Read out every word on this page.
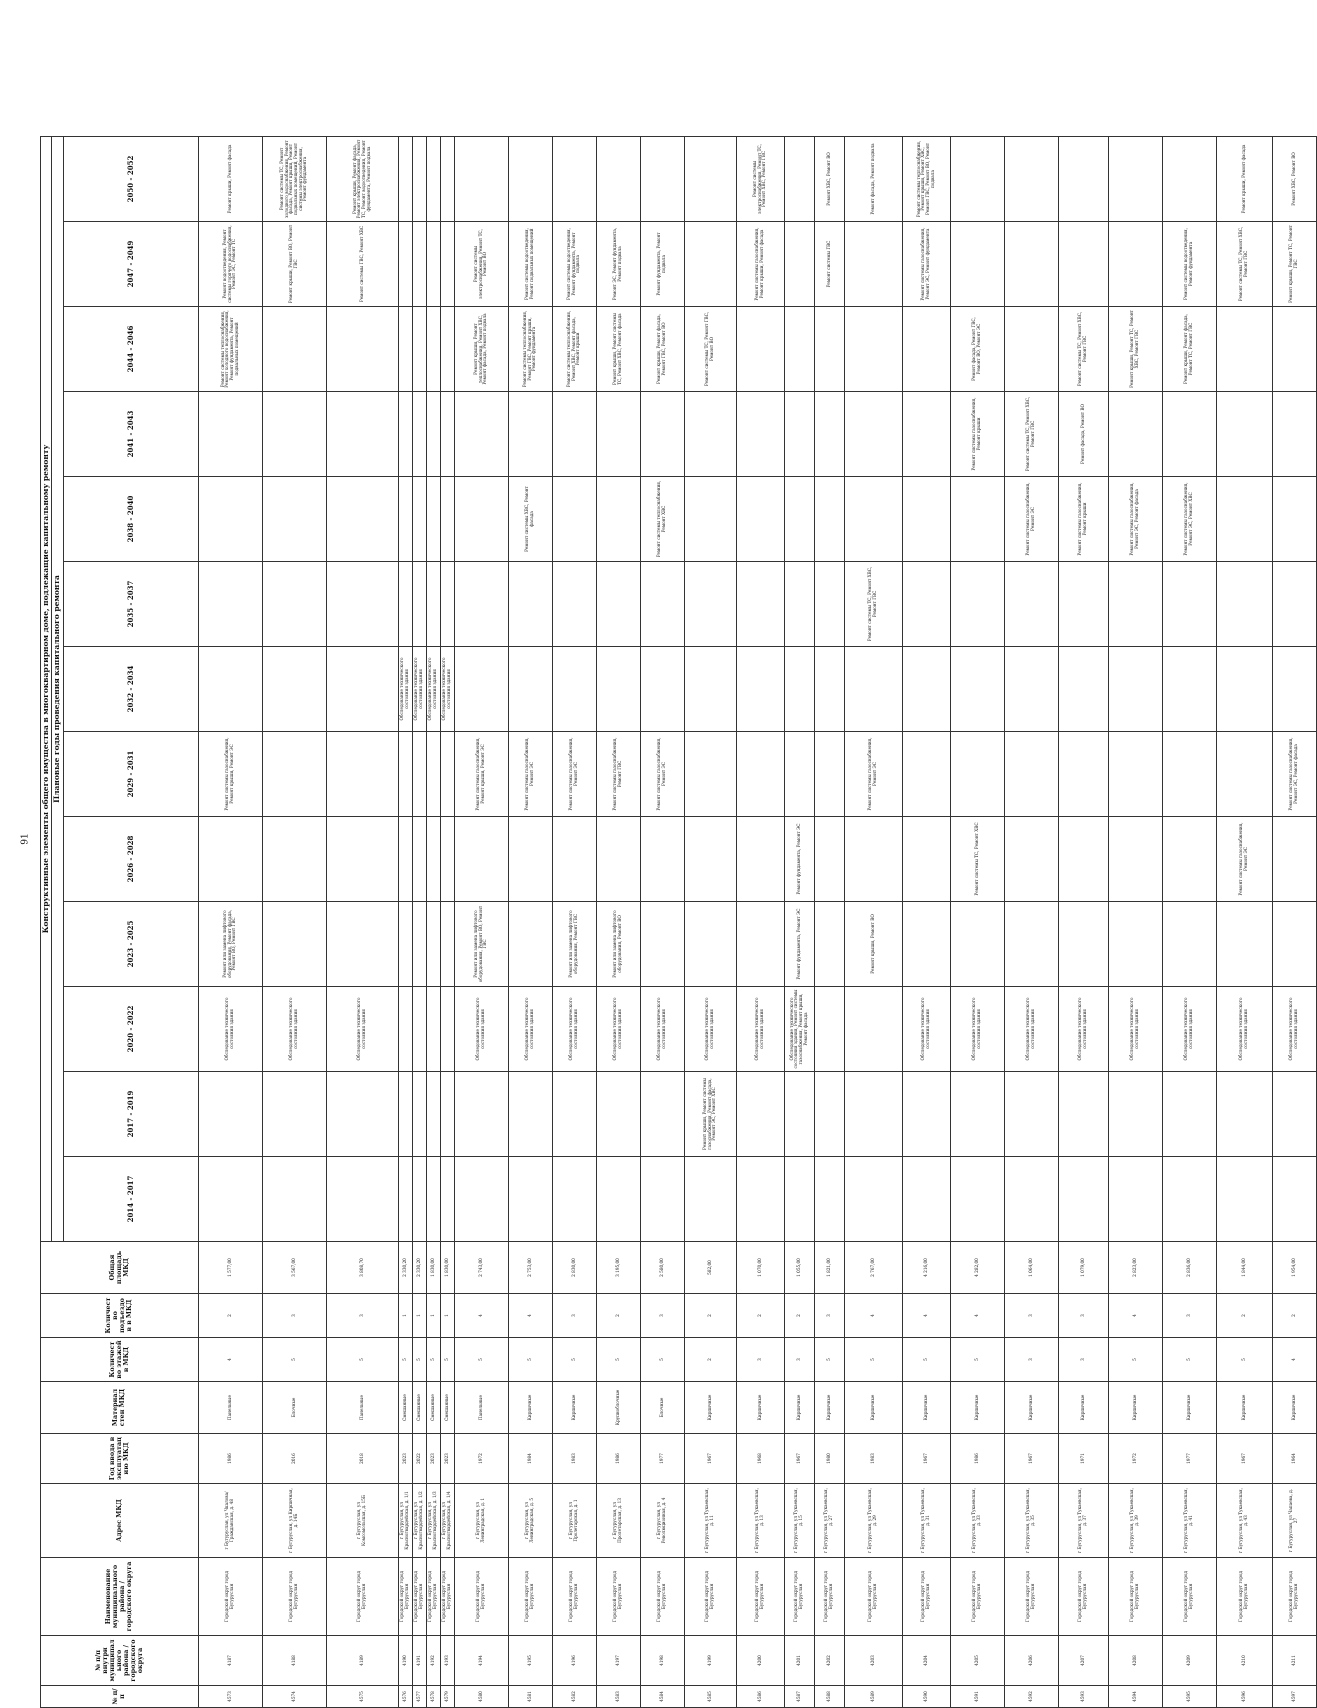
91
№ п/п	№ п/п внутри муниципального района / городского округа	Наименование муниципального района / городского округа	Адрес МКД	Год ввода в эксплуатацию МКД	Материал стен МКД	Количество этажей в МКД	Количество подъездов в МКД	Общая площадь МКД	Конструктивные элементы общего имущества в многоквартирном доме, подлежащие капитальному ремонту												
									Плановые годы проведения капитального ремонта												
									2014 - 2017	2017 - 2019	2020 - 2022	2023 - 2025	2026 - 2028	2029 - 2031	2032 - 2034	2035 - 2037	2038 - 2040	2041 - 2043	2044 - 2046	2047 - 2049	2050 - 2052
4573	4187	Городской округ город Бугуруслан	г Бугуруслан, ул Чкалова/Гражданская, д. 48	1986	Панельные	4	2	1 577,00			Обследование технического состояния здания	Ремонт или замена лифтового оборудования, Ремонт фасада, Ремонт ВО, Ремонт ГВС		Ремонт системы газоснабжения, Ремонт крыши, Ремонт ЭС					Ремонт системы теплоснабжения, Ремонт холодного водоснабжения, Ремонт фундамента, Ремонт подвальных помещений	Ремонт водоотведения, Ремонт системы горячего водоснабжения, Ремонт ЭС, Ремонт ТС	Ремонт крыши, Ремонт фасада
4574	4188	Городской округ город Бугуруслан	г Бугуруслан, ул Кирпичная, д. 14Б	2016	Блочные	5	3	3 567,00			Обследование технического состояния здания									Ремонт крыши, Ремонт ВО, Ремонт ГВС	Ремонт системы ТС, Ремонт холодного водоснабжения, Ремонт фасада, Ремонт крыши, Ремонт подвальных помещений, Ремонт системы электроснабжения, Ремонт фундамента
4575	4189	Городской округ город Бугуруслан	г Бугуруслан, ул Комсомольская, д. 15Б	2018	Панельные	5	3	3 808,70			Обследование технического состояния здания									Ремонт системы ГВС, Ремонт ХВС	Ремонт крыши, Ремонт фасада, Ремонт электроснабжения, Ремонт ТС, Ремонт водоотведения, Ремонт фундамента, Ремонт подвала
4576	4190	Городской округ город Бугуруслан	г Бугуруслан, ул Красногвардейская, д. 1/1	2023	Смешанные	5	1	2 330,20							Обследование технического состояния здания						
4577	4191	Городской округ город Бугуруслан	г Бугуруслан, ул Красногвардейская, д. 1/2	2022	Смешанные	5	1	2 330,20							Обследование технического состояния здания						
4578	4192	Городской округ город Бугуруслан	г Бугуруслан, ул Красногвардейская, д. 1/3	2023	Смешанные	5	1	1 830,00							Обследование технического состояния здания						
4579	4193	Городской округ город Бугуруслан	г Бугуруслан, ул Красногвардейская, д. 1/4	2023	Смешанные	5	1	1 830,00							Обследование технического состояния здания						
4580	4194	Городской округ город Бугуруслан	г Бугуруслан, ул Ленинградская, д. 1	1972	Панельные	5	4	2 743,00			Обследование технического состояния здания	Ремонт или замена лифтового оборудования, Ремонт ВО, Ремонт ГВС		Ремонт системы газоснабжения, Ремонт крыши, Ремонт ЭС					Ремонт крыши, Ремонт теплоснабжения, Ремонт ХВС, Ремонт фасада, Ремонт подвала	Ремонт системы электроснабжения, Ремонт ТС, Ремонт ВО	
4581	4195	Городской округ город Бугуруслан	г Бугуруслан, ул Ленинградская, д. 5	1984	Кирпичные	5	4	2 753,00			Обследование технического состояния здания			Ремонт системы газоснабжения, Ремонт ЭС			Ремонт системы ХВС, Ремонт фасада		Ремонт системы теплоснабжения, Ремонт ГВС, Ремонт крыши, Ремонт фундамента	Ремонт системы водоотведения, Ремонт подвальных помещений	
4582	4196	Городской округ город Бугуруслан	г Бугуруслан, ул Пролетарская, д. 1	1983	Кирпичные	5	3	2 830,00			Обследование технического состояния здания	Ремонт или замена лифтового оборудования, Ремонт ГВС		Ремонт системы газоснабжения, Ремонт ЭС					Ремонт системы теплоснабжения, Ремонт ХВС, Ремонт фасада, Ремонт крыши	Ремонт системы водоотведения, Ремонт фундамента, Ремонт подвала	
4583	4197	Городской округ город Бугуруслан	г Бугуруслан, ул Пролетарская, д. 13	1986	Крупноблочные	5	2	3 195,00			Обследование технического состояния здания	Ремонт или замена лифтового оборудования, Ремонт ВО		Ремонт системы газоснабжения, Ремонт ГВС					Ремонт крыши, Ремонт системы ТС, Ремонт ХВС, Ремонт фасада	Ремонт ЭС, Ремонт фундамента, Ремонт подвала	
4584	4198	Городской округ город Бугуруслан	г Бугуруслан, ул Революционная, д. 4	1977	Блочные	5	3	2 580,00			Обследование технического состояния здания			Ремонт системы газоснабжения, Ремонт ЭС			Ремонт системы теплоснабжения, Ремонт ХВС		Ремонт крыши, Ремонт фасада, Ремонт ГВС, Ремонт ВО	Ремонт фундамента, Ремонт подвала	
4585	4199	Городской округ город Бугуруслан	г Бугуруслан, ул Тукаевская, д. 11	1967	Кирпичные	2	2	582,00		Ремонт крыши, Ремонт системы газоснабжения, Ремонт фасада, Ремонт ЭС, Ремонт ХВС	Обследование технического состояния здания								Ремонт системы ТС, Ремонт ГВС, Ремонт ВО		
4586	4200	Городской округ город Бугуруслан	г Бугуруслан, ул Тукаевская, д. 13	1968	Кирпичные	3	2	1 070,00			Обследование технического состояния здания									Ремонт системы газоснабжения, Ремонт крыши, Ремонт фасада	Ремонт системы электроснабжения, Ремонт ТС, Ремонт ХВС, Ремонт ГВС
4587	4201	Городской округ город Бугуруслан	г Бугуруслан, ул Тукаевская, д. 15	1967	Кирпичные	3	2	1 055,00			Обследование технического состояния здания, Ремонт системы газоснабжения, Ремонт крыши, Ремонт фасада	Ремонт фундамента, Ремонт ЭС	Ремонт фундамента, Ремонт ЭС								
4588	4202	Городской округ город Бугуруслан	г Бугуруслан, ул Тукаевская, д. 27	1980	Кирпичные	5	3	1 821,00												Ремонт системы ГВС	Ремонт ХВС, Ремонт ВО
4589	4203	Городской округ город Бугуруслан	г Бугуруслан, ул Тукаевская, д. 29	1983	Кирпичные	5	4	2 767,00				Ремонт крыши, Ремонт ВО		Ремонт системы газоснабжения, Ремонт ЭС		Ремонт системы ТС, Ремонт ХВС, Ремонт ГВС					Ремонт фасада, Ремонт подвала
4590	4204	Городской округ город Бугуруслан	г Бугуруслан, ул Тукаевская, д. 31	1967	Кирпичные	5	4	4 216,00			Обследование технического состояния здания									Ремонт системы газоснабжения, Ремонт ЭС, Ремонт фундамента	Ремонт системы теплоснабжения, Ремонт крыши, Ремонт ХВС, Ремонт ГВС, Ремонт ВО, Ремонт подвала
4591	4205	Городской округ город Бугуруслан	г Бугуруслан, ул Тукаевская, д. 33	1986	Кирпичные	5	4	4 282,00			Обследование технического состояния здания		Ремонт системы ТС, Ремонт ХВС					Ремонт системы газоснабжения, Ремонт крыши	Ремонт фасада, Ремонт ГВС, Ремонт ВО, Ремонт ЭС		
4592	4206	Городской округ город Бугуруслан	г Бугуруслан, ул Тукаевская, д. 35	1967	Кирпичные	3	3	1 064,00			Обследование технического состояния здания						Ремонт системы газоснабжения, Ремонт ЭС	Ремонт системы ТС, Ремонт ХВС, Ремонт ГВС			
4593	4207	Городской округ город Бугуруслан	г Бугуруслан, ул Тукаевская, д. 37	1971	Кирпичные	3	3	1 079,00			Обследование технического состояния здания						Ремонт системы газоснабжения, Ремонт крыши	Ремонт фасада, Ремонт ВО	Ремонт системы ТС, Ремонт ХВС, Ремонт ГВС		
4594	4208	Городской округ город Бугуруслан	г Бугуруслан, ул Тукаевская, д. 39	1972	Кирпичные	5	4	2 823,00			Обследование технического состояния здания						Ремонт системы газоснабжения, Ремонт ЭС, Ремонт фасада		Ремонт крыши, Ремонт ТС, Ремонт ХВС, Ремонт ГВС		
4595	4209	Городской округ город Бугуруслан	г Бугуруслан, ул Тукаевская, д. 41	1977	Кирпичные	5	3	2 836,00			Обследование технического состояния здания						Ремонт системы газоснабжения, Ремонт ЭС, Ремонт ХВС		Ремонт крыши, Ремонт фасада, Ремонт ТС, Ремонт ГВС	Ремонт системы водоотведения, Ремонт фундамента	
4596	4210	Городской округ город Бугуруслан	г Бугуруслан, ул Тукаевская, д. 43	1967	Кирпичные	5	2	1 844,00			Обследование технического состояния здания		Ремонт системы газоснабжения, Ремонт ЭС							Ремонт системы ТС, Ремонт ХВС, Ремонт ГВС	Ремонт крыши, Ремонт фасада
4597	4211	Городской округ город Бугуруслан	г Бугуруслан, ул Чапаева, д. 27	1964	Кирпичные	4	2	1 954,00			Обследование технического состояния здания			Ремонт системы газоснабжения, Ремонт ЭС, Ремонт фасада						Ремонт крыши, Ремонт ТС, Ремонт ГВС	Ремонт ХВС, Ремонт ВО
